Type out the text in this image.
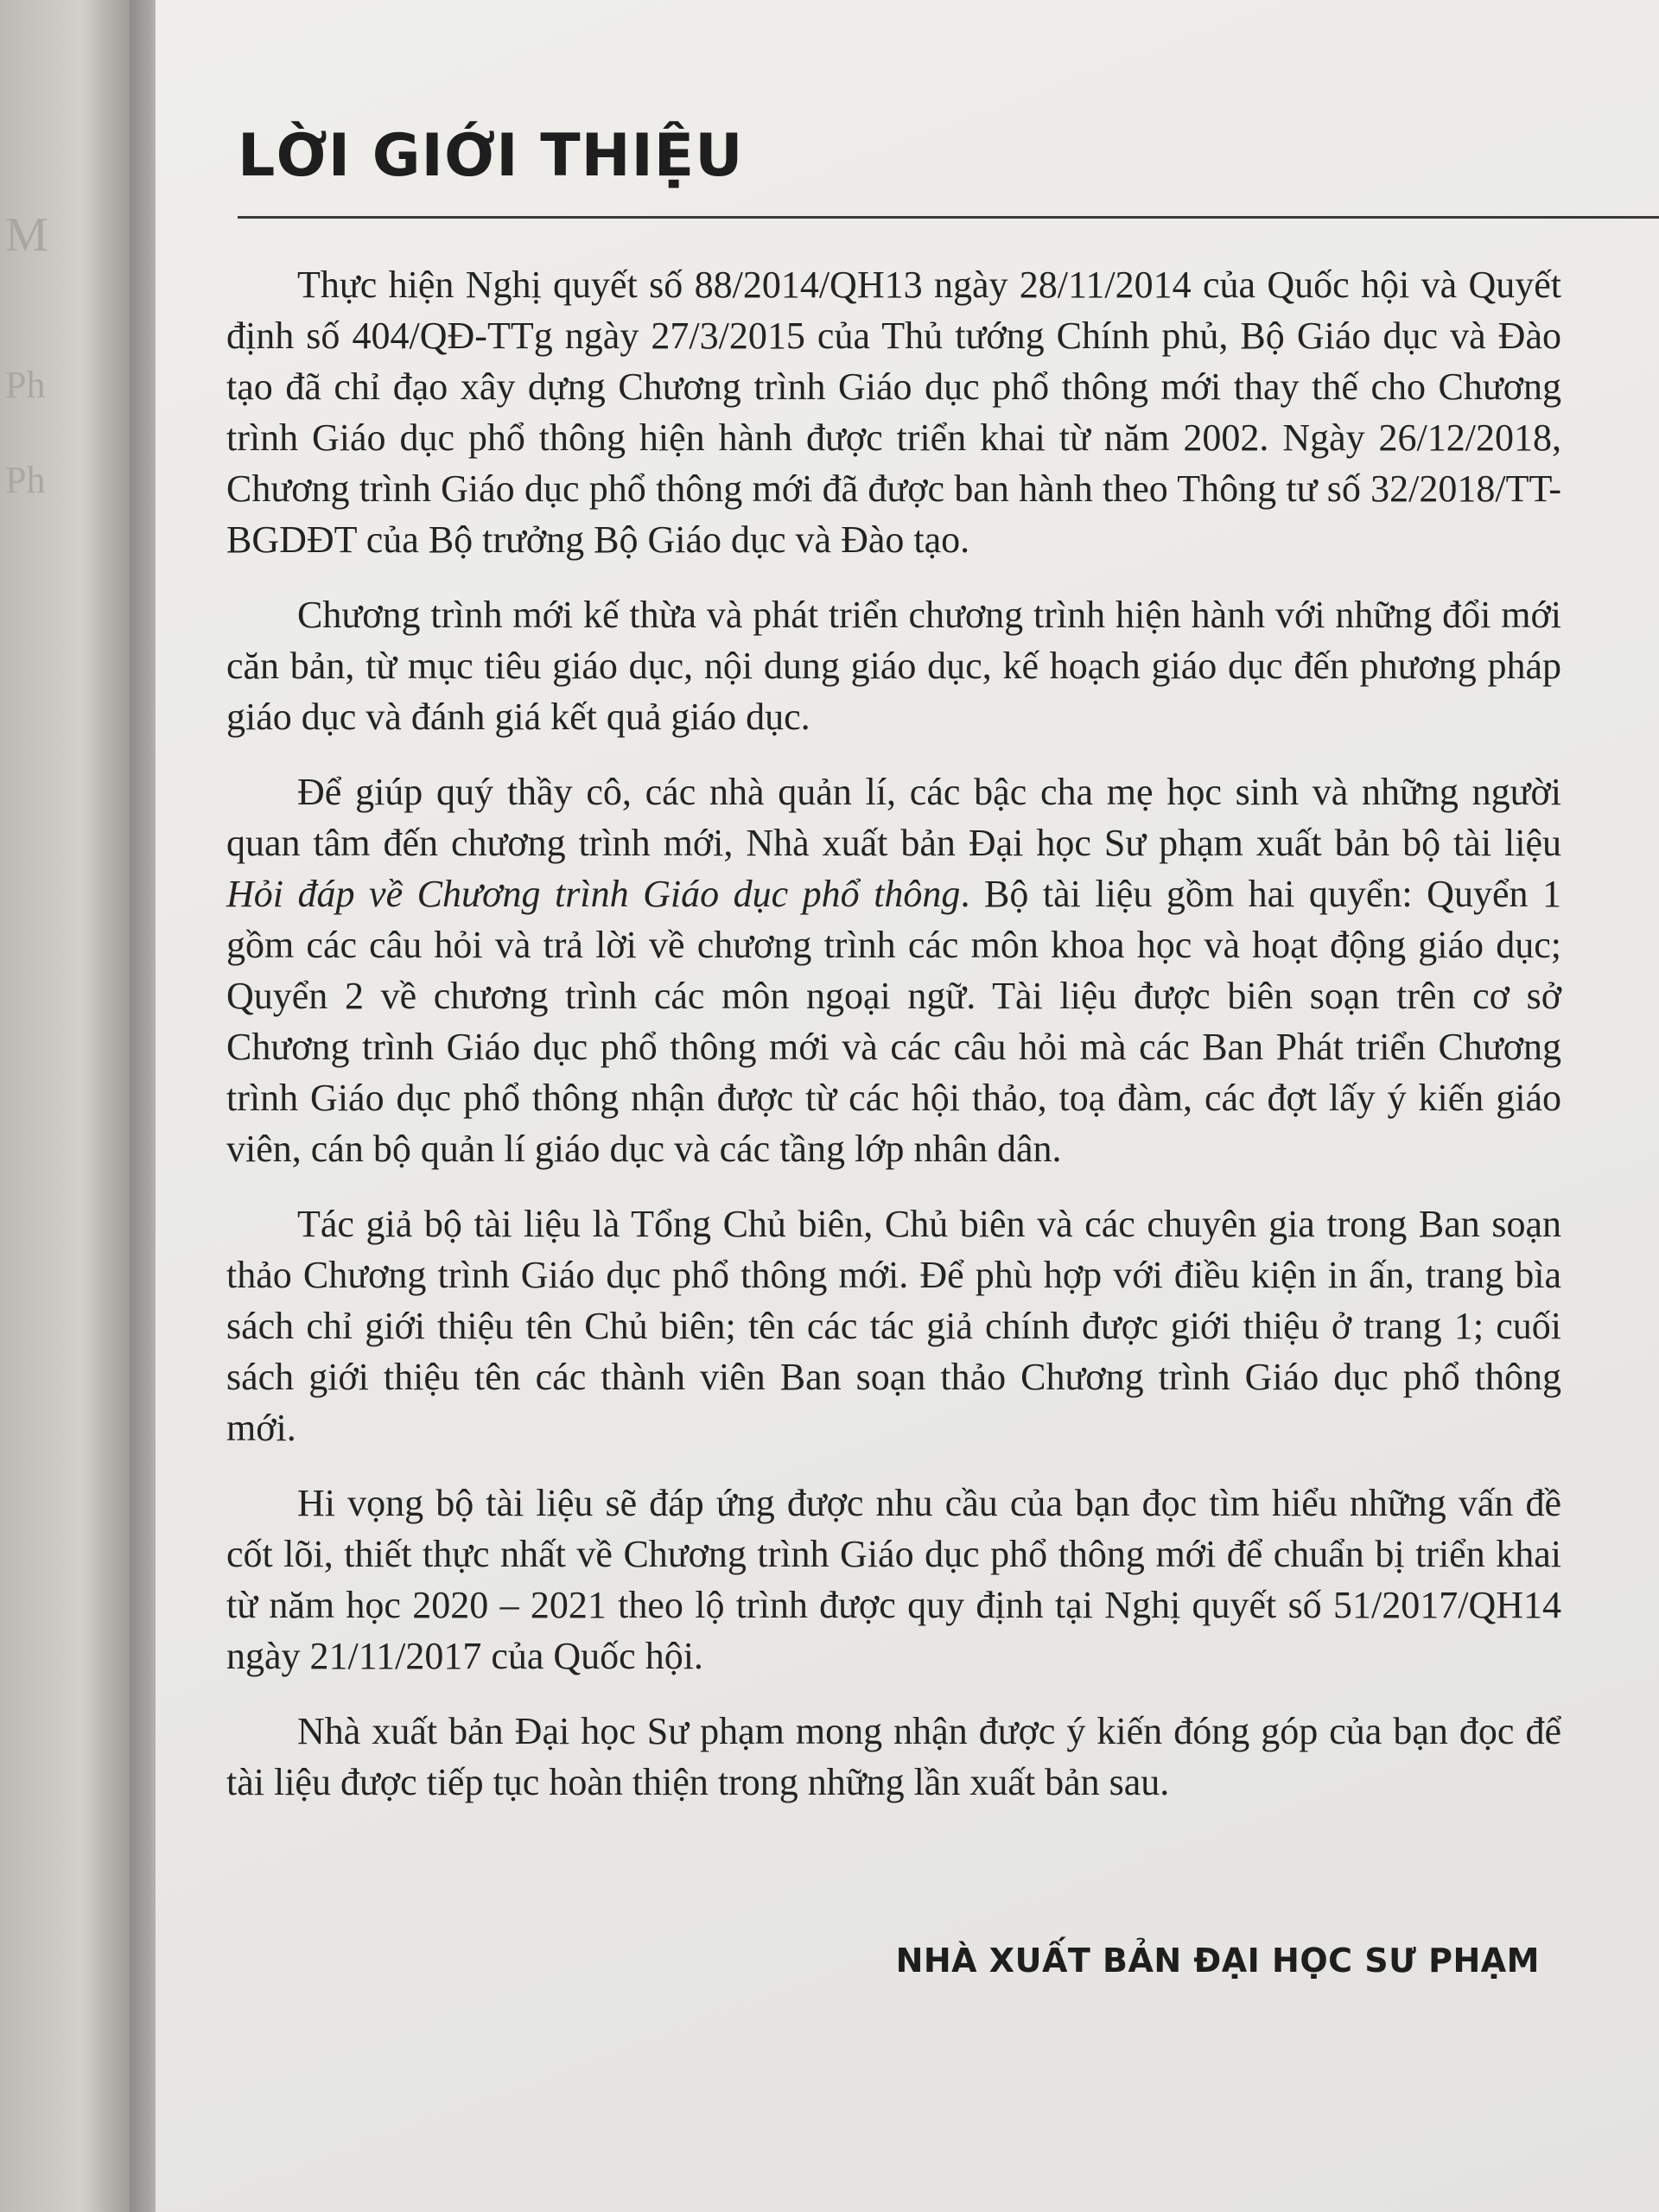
M
Ph
Ph
LỜI GIỚI THIỆU

Thực hiện Nghị quyết số 88/2014/QH13 ngày 28/11/2014 của Quốc hội và Quyết định số 404/QĐ-TTg ngày 27/3/2015 của Thủ tướng Chính phủ, Bộ Giáo dục và Đào tạo đã chỉ đạo xây dựng Chương trình Giáo dục phổ thông mới thay thế cho Chương trình Giáo dục phổ thông hiện hành được triển khai từ năm 2002. Ngày 26/12/2018, Chương trình Giáo dục phổ thông mới đã được ban hành theo Thông tư số 32/2018/TT-BGDĐT của Bộ trưởng Bộ Giáo dục và Đào tạo.

Chương trình mới kế thừa và phát triển chương trình hiện hành với những đổi mới căn bản, từ mục tiêu giáo dục, nội dung giáo dục, kế hoạch giáo dục đến phương pháp giáo dục và đánh giá kết quả giáo dục.

Để giúp quý thầy cô, các nhà quản lí, các bậc cha mẹ học sinh và những người quan tâm đến chương trình mới, Nhà xuất bản Đại học Sư phạm xuất bản bộ tài liệu Hỏi đáp về Chương trình Giáo dục phổ thông. Bộ tài liệu gồm hai quyển: Quyển 1 gồm các câu hỏi và trả lời về chương trình các môn khoa học và hoạt động giáo dục; Quyển 2 về chương trình các môn ngoại ngữ. Tài liệu được biên soạn trên cơ sở Chương trình Giáo dục phổ thông mới và các câu hỏi mà các Ban Phát triển Chương trình Giáo dục phổ thông nhận được từ các hội thảo, toạ đàm, các đợt lấy ý kiến giáo viên, cán bộ quản lí giáo dục và các tầng lớp nhân dân.

Tác giả bộ tài liệu là Tổng Chủ biên, Chủ biên và các chuyên gia trong Ban soạn thảo Chương trình Giáo dục phổ thông mới. Để phù hợp với điều kiện in ấn, trang bìa sách chỉ giới thiệu tên Chủ biên; tên các tác giả chính được giới thiệu ở trang 1; cuối sách giới thiệu tên các thành viên Ban soạn thảo Chương trình Giáo dục phổ thông mới.

Hi vọng bộ tài liệu sẽ đáp ứng được nhu cầu của bạn đọc tìm hiểu những vấn đề cốt lõi, thiết thực nhất về Chương trình Giáo dục phổ thông mới để chuẩn bị triển khai từ năm học 2020 – 2021 theo lộ trình được quy định tại Nghị quyết số 51/2017/QH14 ngày 21/11/2017 của Quốc hội.

Nhà xuất bản Đại học Sư phạm mong nhận được ý kiến đóng góp của bạn đọc để tài liệu được tiếp tục hoàn thiện trong những lần xuất bản sau.

NHÀ XUẤT BẢN ĐẠI HỌC SƯ PHẠM
